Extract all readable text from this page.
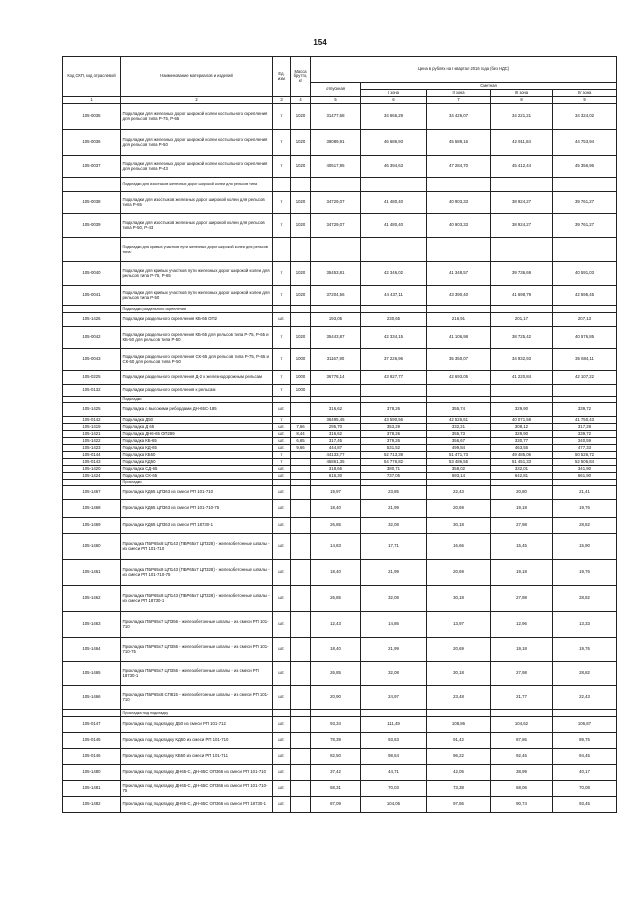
154
Код СКП, код отраслевой	Наименование материалов и изделий	Ед. изм	Масса брутто, кг	Цена в рублях на I квартал 2016 года (без НДС)				
				отпускная	Сметная			
					I зона	II зона	III зона	IV зона
1	2	3	4	5	6	7	8	9
105-0035	Подкладки для железных дорог широкой колеи костыльного скрепления для рельсов типа Р-75, Р-65	т	1020	31477,68	34 666,29	34 426,07	34 221,21	34 324,02
105-0036	Подкладки для железных дорог широкой колеи костыльного скрепления для рельсов типа Р-50	т	1020	39089,91	46 686,93	45 589,16	42 911,84	44 753,94
105-0037	Подкладки для железных дорог широкой колеи костыльного скрепления для рельсов типа Р-43	т	1020	40517,95	46 394,63	47 284,70	45 412,44	45 356,96
	Подкладки для изостыков железных дорог широкой колеи для рельсов типа							
105-0038	Подкладки для изостыков железных дорог широкой колеи для рельсов типа Р-65	т	1020	34729,07	41 480,40	40 903,33	38 924,27	39 761,27
105-0039	Подкладки для изостыков железных дорог широкой колеи для рельсов типа Р-50, Р-43	т	1020	34729,07	41 480,40	40 903,33	38 924,27	39 761,27
	Подкладки для кривых участков пути железных дорог широкой колеи для рельсов типа:							
105-0040	Подкладки для кривых участков пути железных дорог широкой колеи для рельсов типа Р-75, Р-65	т	1020	35453,81	42 346,02	41 348,57	39 736,69	40 591,03
105-0041	Подкладки для кривых участков пути железных дорог широкой колеи для рельсов типа Р-50	т	1020	37204,56	44 437,11	43 390,40	41 698,79	42 595,45
	Подкладки раздельного скрепления							
105-1426	Подкладки раздельного скрепления КБ-65 ОП2	шт.		193,05	230,65	216,91	201,17	207,13
105-0042	Подкладки раздельного скрепления КБ-65 для рельсов типа Р-75, Р-65 и КБ-50 для рельсов типа Р-50	т	1020	35443,87	42 334,15	41 106,98	38 725,42	40 576,85
105-0043	Подкладки раздельного скрепления СК-65 для рельсов типа Р-75, Р-65 и СК-50 для рельсов типа Р-50	т	1000	31167,90	37 226,96	35 350,07	34 932,93	35 684,11
105-0225	Подкладки раздельного скрепления Д-2 к железнодорожным рельсам	т	1000	36778,14	43 927,77	42 693,05	41 220,84	42 107,22
105-0132	Подкладки раздельного скрепления к рельсам	т	1000					
	Подкладки							
105-1425	Подкладка с высокими ребордами ДН-65С-185	шт.		316,62	378,26	355,74	329,90	339,72
105-0142	Подкладка Д50	т		36495,45	43 590,56	42 526,61	40 071,58	41 750,43
105-1419	Подкладка Д 65	шт.	7,66	295,70	353,29	332,21	308,12	317,28
105-1421	Подкладка ДН6-65 ОП289	шт.	8,44	316,62	378,26	355,73	329,90	339,72
105-1422	Подкладка КБ-65	шт.	6,65	317,45	379,26	356,67	330,77	340,59
105-1423	Подкладка КД-65	шт.	9,66	444,87	531,52	499,84	463,55	477,33
105-0144	Подкладка КБ50	т		44133,77	52 713,39	51 471,73	49 485,06	50 526,72
105-0143	Подкладка КД50	т		45861,35	54 776,82	53 486,55	51 451,33	52 506,84
105-1420	Подкладка СД-65	шт.		318,65	380,71	358,02	332,01	341,90
105-1424	Подкладка СК-65	шт.		616,30	737,05	693,14	642,81	661,90
	Прокладки							
105-1467	Прокладка КД65 ЦП363 из смеси РП 101-710	шт.		19,97	23,85	22,43	20,80	21,41
105-1468	Прокладка КД65 ЦП363 из смеси РП 101-710-75	шт.		18,40	21,99	20,69	19,18	19,76
105-1469	Прокладка КД65 ЦП363 из смеси РП 18730-1	шт.		26,85	32,08	30,18	27,98	28,82
105-1460	Прокладка ПБР65х8 ЦП143 (ПБР65х7 ЦП328) - железобетонные шпалы - из смеси РП 101-710	шт.		14,83	17,71	16,66	15,45	15,90
105-1461	Прокладка ПБР65х8 ЦП143 (ПБР65х7 ЦП328) - железобетонные шпалы - из смеси РП 101-710-75	шт.		18,40	21,99	20,69	19,18	19,76
105-1462	Прокладка ПБР65х8 ЦП143 (ПБР65х7 ЦП328) - железобетонные шпалы - из смеси РП 18730-1	шт.		26,85	32,08	30,18	27,98	28,82
105-1463	Прокладка ПБР65х7 ЦП356 - железобетонные шпалы - из смеси РП 101-710	шт.		12,43	14,86	13,97	12,96	13,33
105-1464	Прокладка ПБР65х7 ЦП356 - железобетонные шпалы - из смеси РП 101-710-75	шт.		18,40	21,99	20,69	19,18	19,76
105-1465	Прокладка ПБР65х7 ЦП356 - железобетонные шпалы - из смеси РП 18730-1	шт.		26,85	32,08	30,18	27,98	28,82
105-1466	Прокладка ПБР65х8 СП815 - железобетонные шпалы - из смеси РП 101-710	шт.		20,90	24,97	23,48	21,77	22,43
	Прокладка под подкладку							
105-0147	Прокладка под подкладку Д50 из смеси РП 101-712	шт.		93,34	111,49	108,86	104,62	106,87
105-0145	Прокладка под подкладку КД50 из смеси РП 101-710	шт.		78,39	93,63	91,42	87,86	89,75
105-0146	Прокладка под подкладку КБ50 из смеси РП 101-711	шт.		82,50	98,54	96,22	92,46	94,45
105-1480	Прокладка под подкладку ДН65-С, ДН-65С ОП366 из смеси РП 101-710	шт.		37,42	44,71	42,05	38,99	40,17
105-1481	Прокладка под подкладку ДН65-С, ДН-65С ОП366 из смеси РП 101-710-75	шт.		58,31	70,03	73,38	68,06	70,08
105-1482	Прокладка под подкладку ДН65-С, ДН-65С ОП366 из смеси РП 18730-1	шт.		87,09	104,06	97,86	90,74	93,45
